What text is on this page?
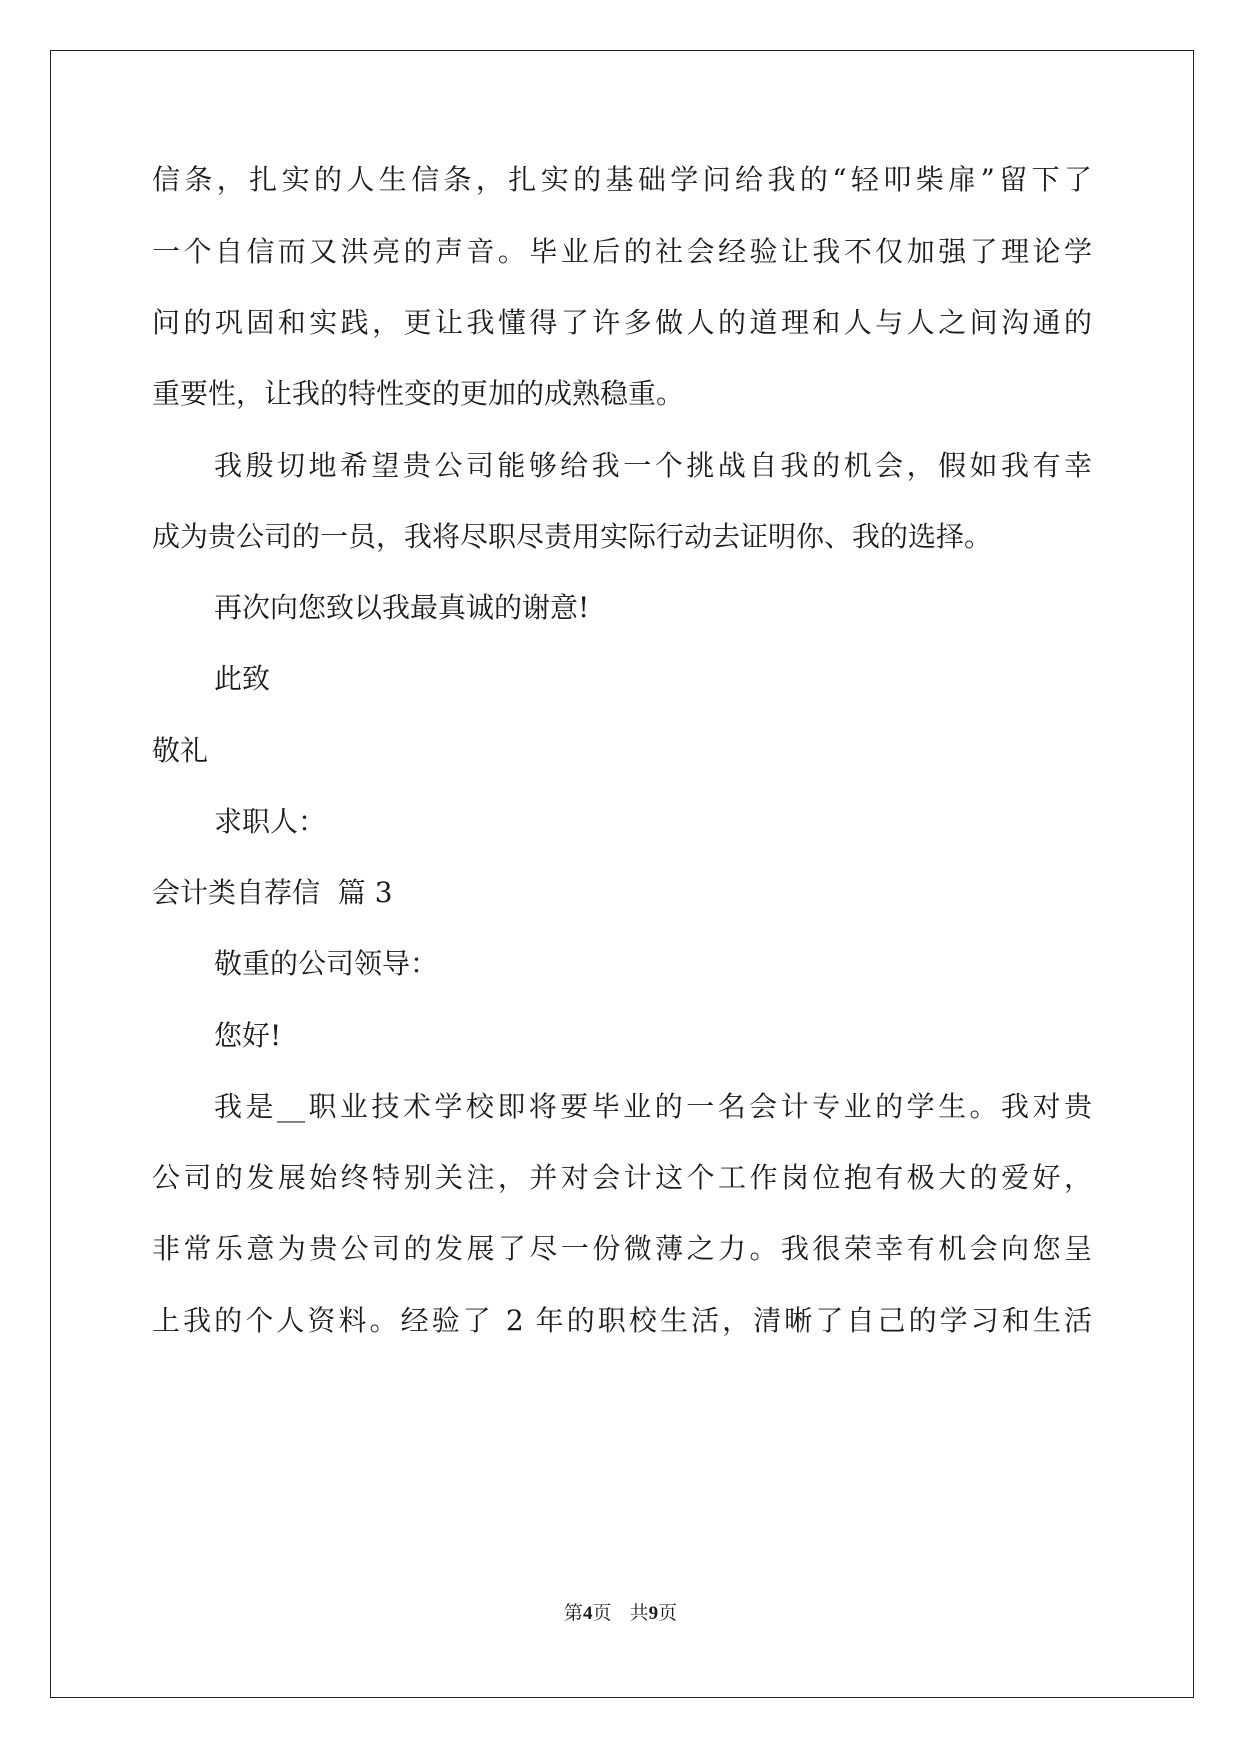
信条，扎实的人生信条，扎实的基础学问给我的“轻叩柴扉”留下了
一个自信而又洪亮的声音。毕业后的社会经验让我不仅加强了理论学
问的巩固和实践，更让我懂得了许多做人的道理和人与人之间沟通的
重要性，让我的特性变的更加的成熟稳重。
我殷切地希望贵公司能够给我一个挑战自我的机会，假如我有幸
成为贵公司的一员，我将尽职尽责用实际行动去证明你、我的选择。
再次向您致以我最真诚的谢意!
此致
敬礼
求职人：
会计类自荐信  篇 3
敬重的公司领导：
您好!
我是__职业技术学校即将要毕业的一名会计专业的学生。我对贵
公司的发展始终特别关注，并对会计这个工作岗位抱有极大的爱好，
非常乐意为贵公司的发展了尽一份微薄之力。我很荣幸有机会向您呈
上我的个人资料。经验了 2 年的职校生活，清晰了自己的学习和生活
第4页   共9页
